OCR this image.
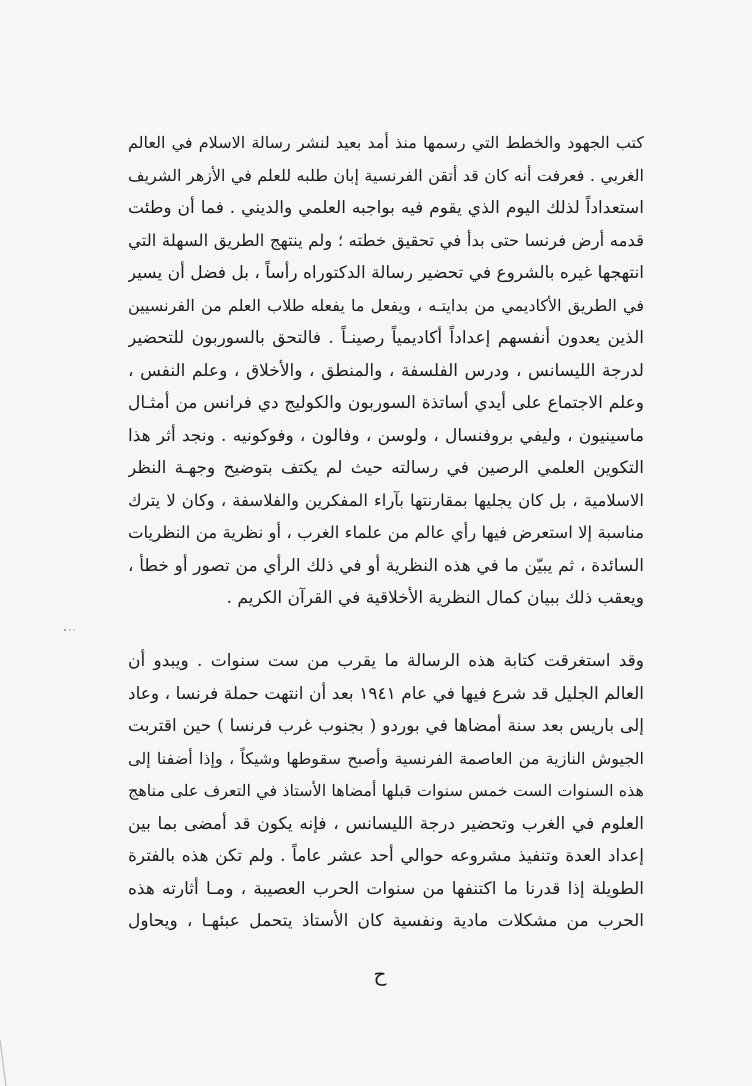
كتب الجهود والخطط التي رسمها منذ أمد بعيد لنشر رسالة الاسلام في العالم
الغربي . فعرفت أنه كان قد أتقن الفرنسية إبان طلبه للعلم في الأزهر الشريف
استعداداً لذلك اليوم الذي يقوم فيه بواجبه العلمي والديني . فما أن وطئت
قدمه أرض فرنسا حتى بدأ في تحقيق خطته ؛ ولم ينتهج الطريق السهلة التي
انتهجها غيره بالشروع في تحضير رسالة الدكتوراه رأساً ، بل فضل أن يسير
في الطريق الأكاديمي من بدايتـه ، ويفعل ما يفعله طلاب العلم من الفرنسيين
الذين يعدون أنفسهم إعداداً أكاديمياً رصينـاً . فالتحق بالسوربون للتحضير
لدرجة الليسانس ، ودرس الفلسفة ، والمنطق ، والأخلاق ، وعلم النفس ،
وعلم الاجتماع على أيدي أساتذة السوربون والكوليج دي فرانس من أمثـال
ماسينيون ، وليفي بروفنسال ، ولوسن ، وفالون ، وفوكونيه . ونجد أثر هذا
التكوين العلمي الرصين في رسالته حيث لم يكتف بتوضيح وجهـة النظر
الاسلامية ، بل كان يجليها بمقارنتها بآراء المفكرين والفلاسفة ، وكان لا يترك
مناسبة إلا استعرض فيها رأي عالم من علماء الغرب ، أو نظرية من النظريات
السائدة ، ثم يبيّن ما في هذه النظرية أو في ذلك الرأي من تصور أو خطأ ،
ويعقب ذلك ببيان كمال النظرية الأخلاقية في القرآن الكريم .
وقد استغرقت كتابة هذه الرسالة ما يقرب من ست سنوات . ويبدو أن
العالم الجليل قد شرع فيها في عام ١٩٤١ بعد أن انتهت حملة فرنسا ، وعاد
إلى باريس بعد سنة أمضاها في بوردو ( بجنوب غرب فرنسا ) حين اقتربت
الجيوش النازية من العاصمة الفرنسية وأصبح سقوطها وشيكاً ، وإذا أضفنا إلى
هذه السنوات الست خمس سنوات قبلها أمضاها الأستاذ في التعرف على مناهج
العلوم في الغرب وتحضير درجة الليسانس ، فإنه يكون قد أمضى بما بين
إعداد العدة وتنفيذ مشروعه حوالي أحد عشر عاماً . ولم تكن هذه بالفترة
الطويلة إذا قدرنا ما اكتنفها من سنوات الحرب العصيبة ، ومـا أثارته هذه
الحرب من مشكلات مادية ونفسية كان الأستاذ يتحمل عبئهـا ، ويحاول
ح
